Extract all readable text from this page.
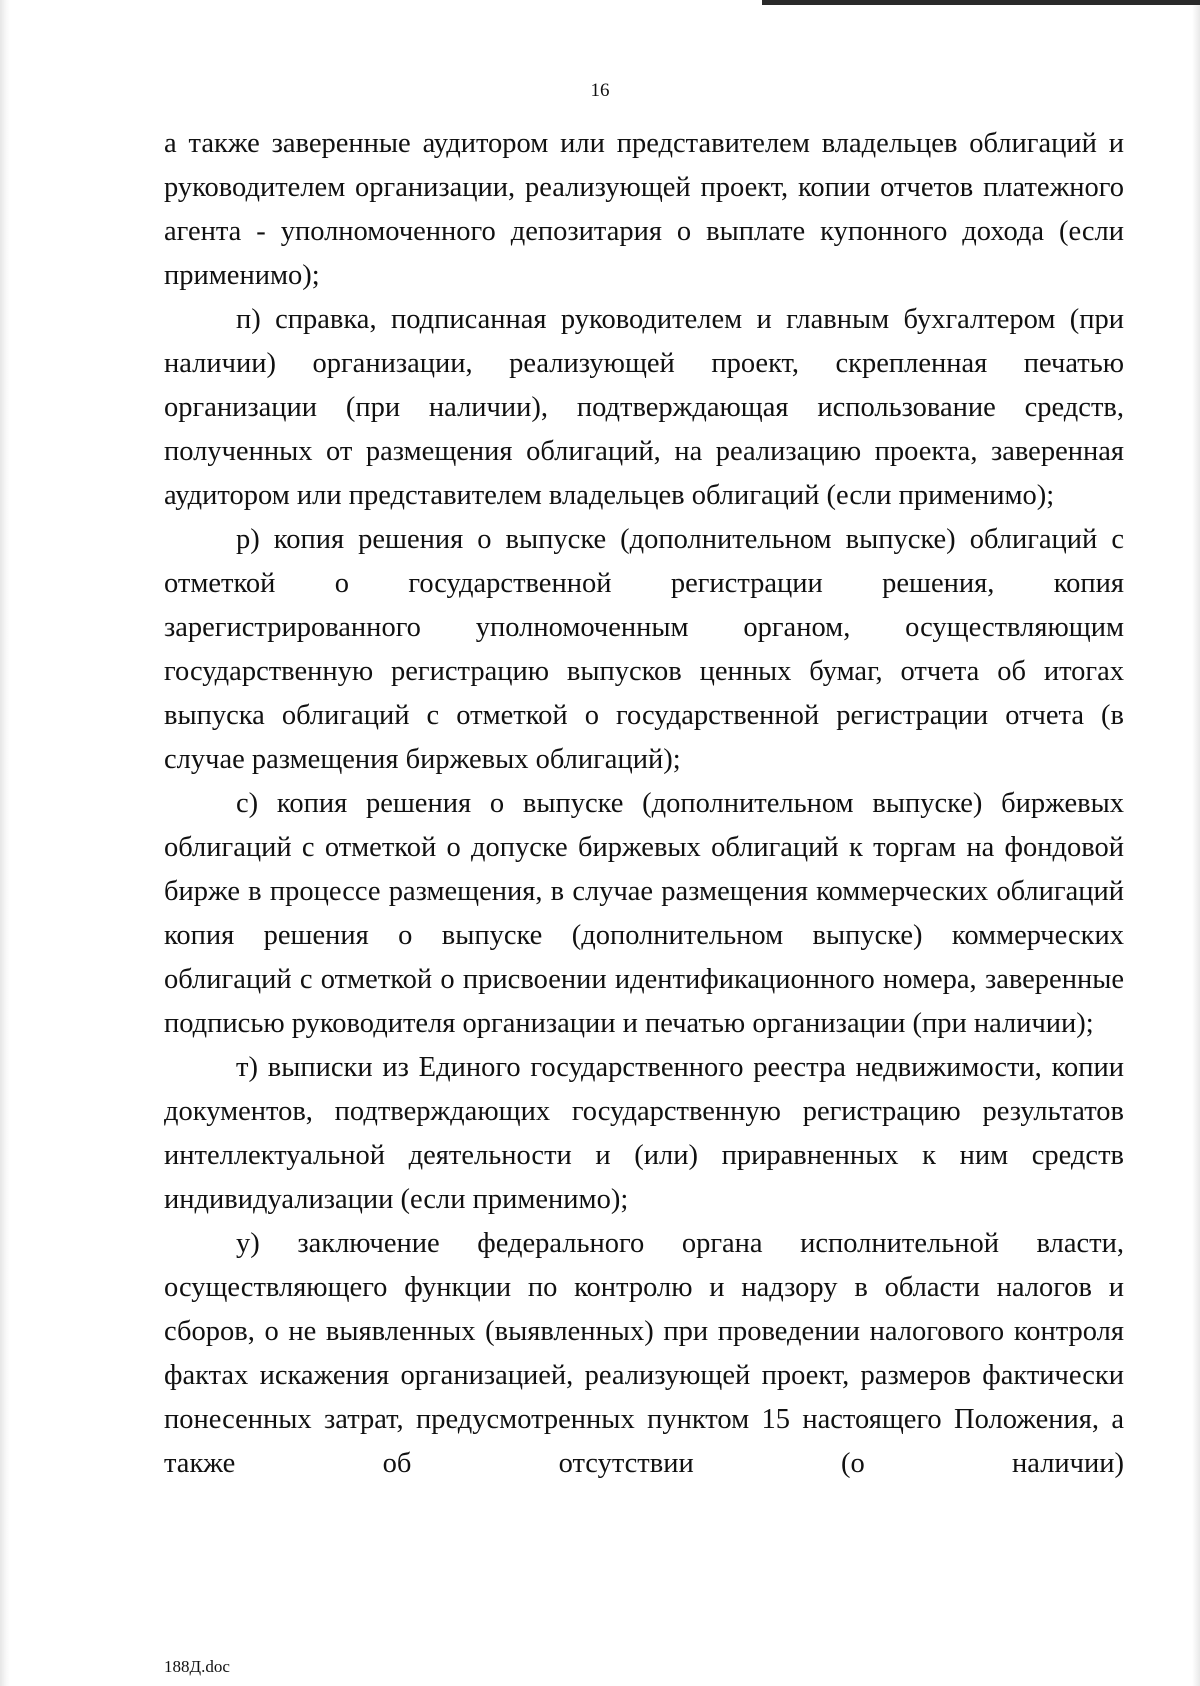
16

а также заверенные аудитором или представителем владельцев облигаций и руководителем организации, реализующей проект, копии отчетов платежного агента - уполномоченного депозитария о выплате купонного дохода (если применимо);

п) справка, подписанная руководителем и главным бухгалтером (при наличии) организации, реализующей проект, скрепленная печатью организации (при наличии), подтверждающая использование средств, полученных от размещения облигаций, на реализацию проекта, заверенная аудитором или представителем владельцев облигаций (если применимо);

р) копия решения о выпуске (дополнительном выпуске) облигаций с отметкой о государственной регистрации решения, копия зарегистрированного уполномоченным органом, осуществляющим государственную регистрацию выпусков ценных бумаг, отчета об итогах выпуска облигаций с отметкой о государственной регистрации отчета (в случае размещения биржевых облигаций);

с) копия решения о выпуске (дополнительном выпуске) биржевых облигаций с отметкой о допуске биржевых облигаций к торгам на фондовой бирже в процессе размещения, в случае размещения коммерческих облигаций копия решения о выпуске (дополнительном выпуске) коммерческих облигаций с отметкой о присвоении идентификационного номера, заверенные подписью руководителя организации и печатью организации (при наличии);

т) выписки из Единого государственного реестра недвижимости, копии документов, подтверждающих государственную регистрацию результатов интеллектуальной деятельности и (или) приравненных к ним средств индивидуализации (если применимо);

у) заключение федерального органа исполнительной власти, осуществляющего функции по контролю и надзору в области налогов и сборов, о не выявленных (выявленных) при проведении налогового контроля фактах искажения организацией, реализующей проект, размеров фактически понесенных затрат, предусмотренных пунктом 15 настоящего Положения, а также об отсутствии (о наличии)

188Д.doc
